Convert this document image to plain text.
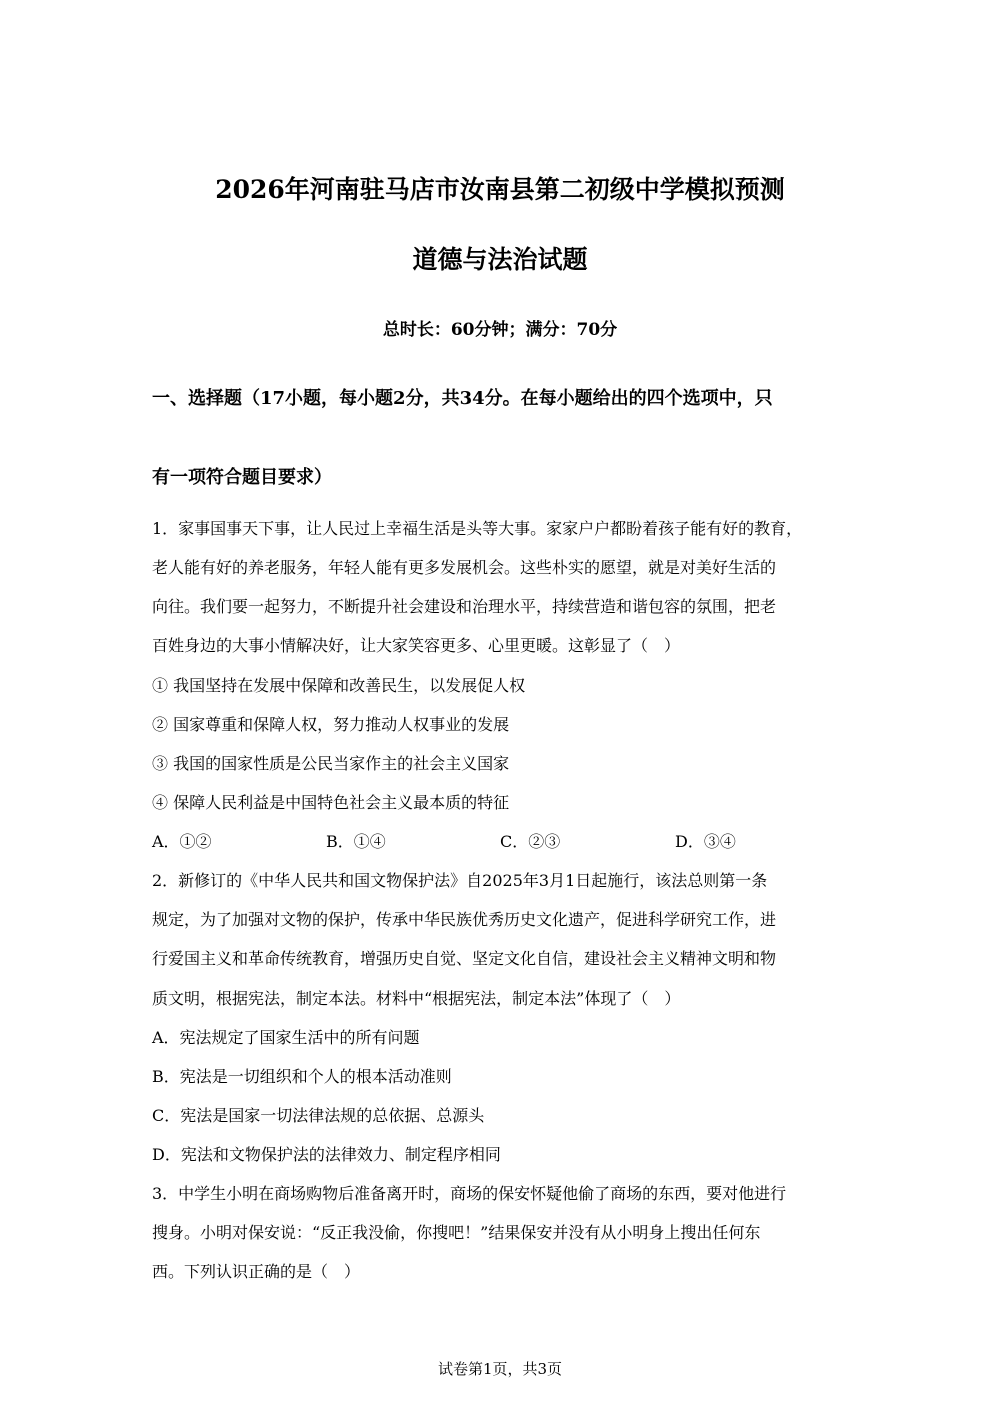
2026年河南驻马店市汝南县第二初级中学模拟预测
道德与法治试题
总时长：60分钟；满分：70分
一、选择题（17小题，每小题2分，共34分。在每小题给出的四个选项中，只
有一项符合题目要求）
1．家事国事天下事，让人民过上幸福生活是头等大事。家家户户都盼着孩子能有好的教育，
老人能有好的养老服务，年轻人能有更多发展机会。这些朴实的愿望，就是对美好生活的
向往。我们要一起努力，不断提升社会建设和治理水平，持续营造和谐包容的氛围，把老
百姓身边的大事小情解决好，让大家笑容更多、心里更暖。这彰显了（　）
① 我国坚持在发展中保障和改善民生，以发展促人权
② 国家尊重和保障人权，努力推动人权事业的发展
③ 我国的国家性质是公民当家作主的社会主义国家
④ 保障人民利益是中国特色社会主义最本质的特征
A．①②	B．①④	C．②③	D．③④
2．新修订的《中华人民共和国文物保护法》自2025年3月1日起施行，该法总则第一条
规定，为了加强对文物的保护，传承中华民族优秀历史文化遗产，促进科学研究工作，进
行爱国主义和革命传统教育，增强历史自觉、坚定文化自信，建设社会主义精神文明和物
质文明，根据宪法，制定本法。材料中“根据宪法，制定本法”体现了（　）
A．宪法规定了国家生活中的所有问题
B．宪法是一切组织和个人的根本活动准则
C．宪法是国家一切法律法规的总依据、总源头
D．宪法和文物保护法的法律效力、制定程序相同
3．中学生小明在商场购物后准备离开时，商场的保安怀疑他偷了商场的东西，要对他进行
搜身。小明对保安说：“反正我没偷，你搜吧！”结果保安并没有从小明身上搜出任何东
西。下列认识正确的是（　）
试卷第1页，共3页
